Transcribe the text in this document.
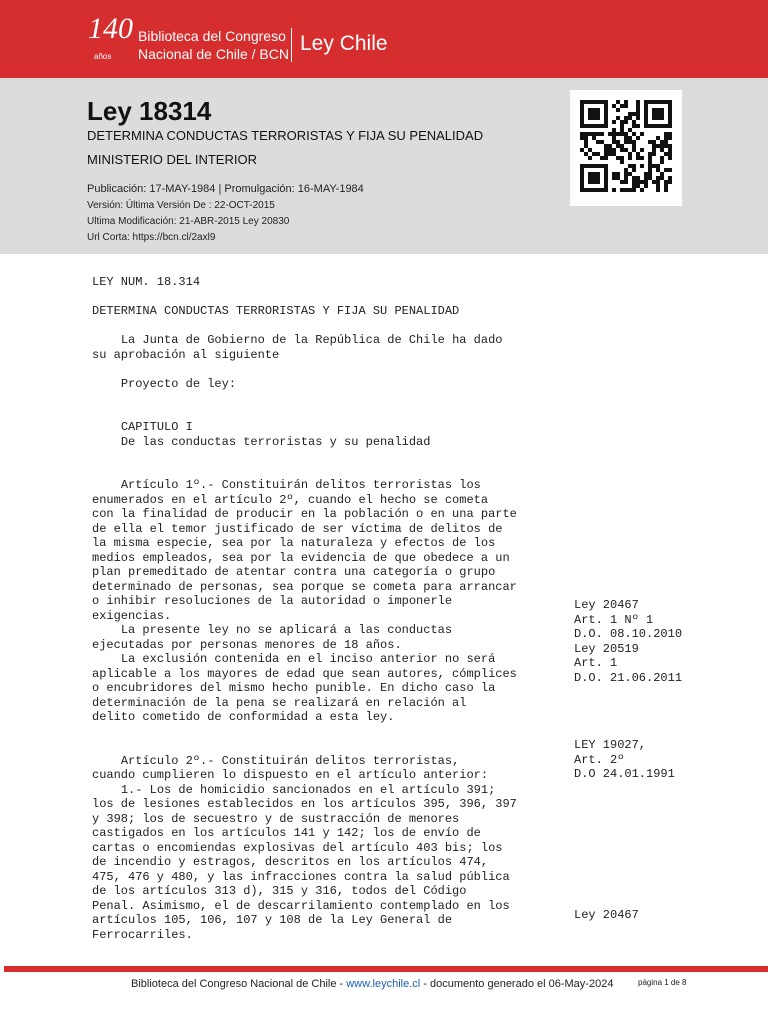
140
años
Biblioteca del Congreso
Nacional de Chile / BCN Ley Chile
Ley 18314
DETERMINA CONDUCTAS TERRORISTAS Y FIJA SU PENALIDAD
MINISTERIO DEL INTERIOR
Publicación: 17-MAY-1984 | Promulgación: 16-MAY-1984
Versión: Última Versión De : 22-OCT-2015
Ultima Modificación: 21-ABR-2015 Ley 20830
Url Corta: https://bcn.cl/2axl9

LEY NUM. 18.314

DETERMINA CONDUCTAS TERRORISTAS Y FIJA SU PENALIDAD

La Junta de Gobierno de la República de Chile ha dado
su aprobación al siguiente

Proyecto de ley:

CAPITULO I
De las conductas terroristas y su penalidad

Artículo 1º.- Constituirán delitos terroristas los
enumerados en el artículo 2º, cuando el hecho se cometa
con la finalidad de producir en la población o en una parte
de ella el temor justificado de ser víctima de delitos de
la misma especie, sea por la naturaleza y efectos de los
medios empleados, sea por la evidencia de que obedece a un
plan premeditado de atentar contra una categoría o grupo
determinado de personas, sea porque se cometa para arrancar
o inhibir resoluciones de la autoridad o imponerle
exigencias.

La presente ley no se aplicará a las conductas
ejecutadas por personas menores de 18 años.

La exclusión contenida en el inciso anterior no será
aplicable a los mayores de edad que sean autores, cómplices
o encubridores del mismo hecho punible. En dicho caso la
determinación de la pena se realizará en relación al
delito cometido de conformidad a esta ley.

Artículo 2º.- Constituirán delitos terroristas,
cuando cumplieren lo dispuesto en el artículo anterior:

1.- Los de homicidio sancionados en el artículo 391;
los de lesiones establecidos en los artículos 395, 396, 397
y 398; los de secuestro y de sustracción de menores
castigados en los artículos 141 y 142; los de envío de
cartas o encomiendas explosivas del artículo 403 bis; los
de incendio y estragos, descritos en los artículos 474,
475, 476 y 480, y las infracciones contra la salud pública
de los artículos 313 d), 315 y 316, todos del Código
Penal. Asimismo, el de descarrilamiento contemplado en los
artículos 105, 106, 107 y 108 de la Ley General de
Ferrocarriles.

Ley 20467
Art. 1 Nº 1
D.O. 08.10.2010
Ley 20519
Art. 1
D.O. 21.06.2011

LEY 19027,
Art. 2º
D.O 24.01.1991

Ley 20467

Biblioteca del Congreso Nacional de Chile - www.leychile.cl - documento generado el 06-May-2024	página 1 de 8
